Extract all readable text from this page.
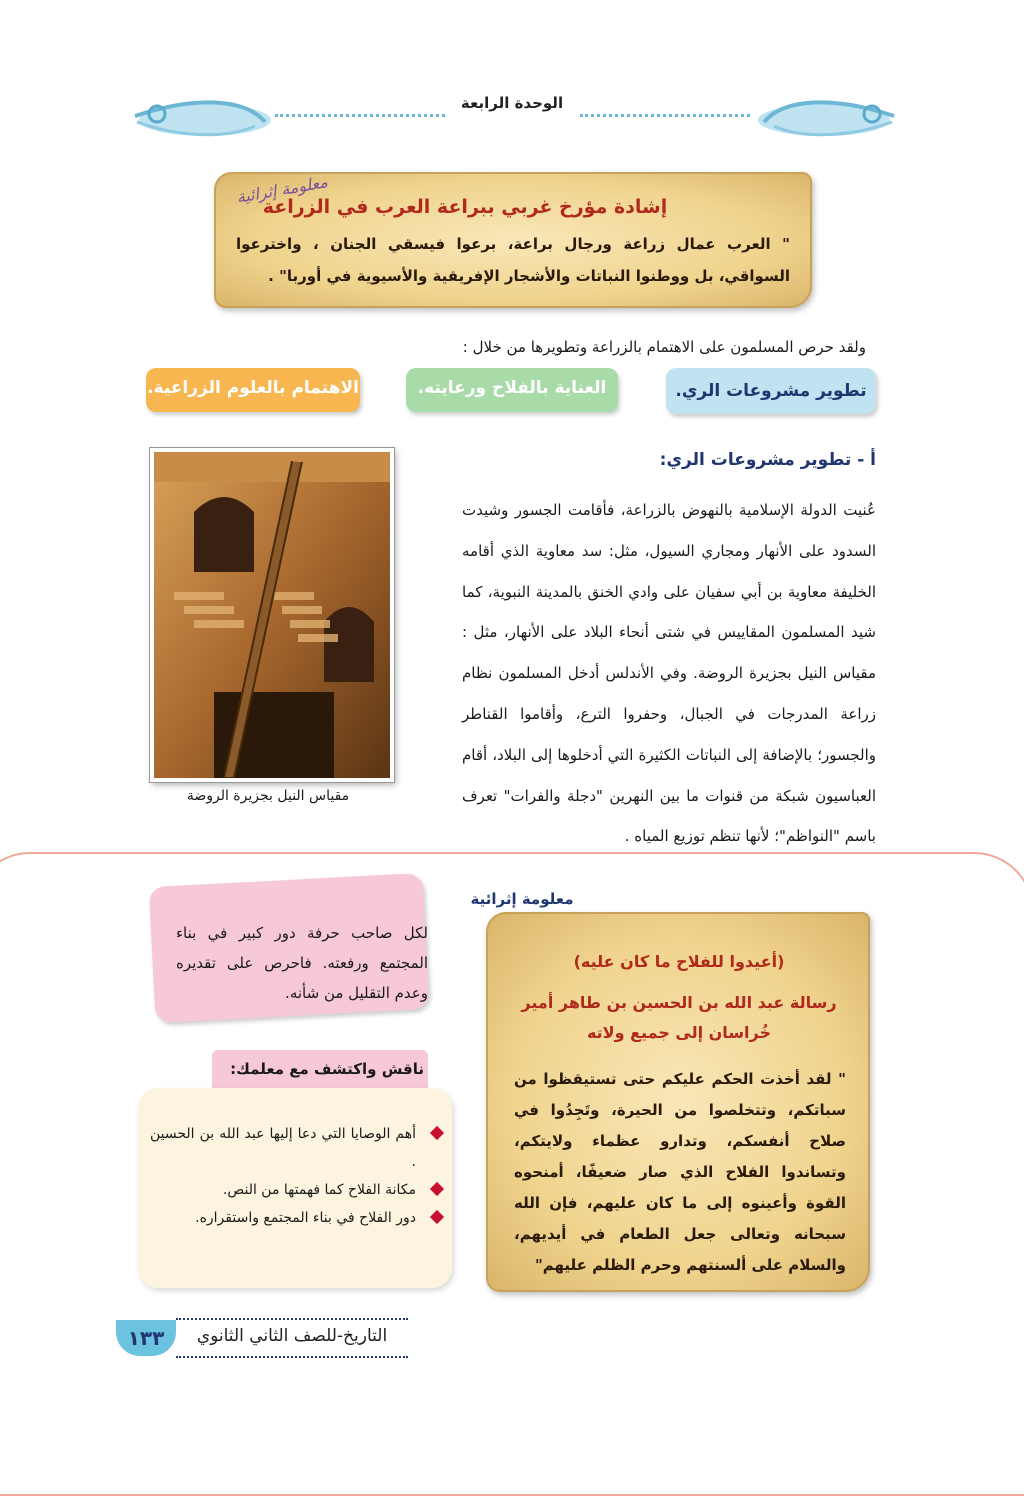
الوحدة الرابعة
معلومة إثرائية
إشادة مؤرخ غربي ببراعة العرب في الزراعة
" العرب عمال زراعة ورجال براعة، برعوا فيسقي الجنان ، واخترعوا السواقي، بل ووطنوا النباتات والأشجار الإفريقية والأسيوية في أوربا" .
ولقد حرص المسلمون على الاهتمام بالزراعة وتطويرها من خلال :
تطوير مشروعات الري.
العناية بالفلاح ورعايته.
الاهتمام بالعلوم الزراعية.
أ - تطوير مشروعات الري:
عُنيت الدولة الإسلامية بالنهوض بالزراعة، فأقامت الجسور وشيدت السدود على الأنهار ومجاري السيول، مثل: سد معاوية الذي أقامه الخليفة معاوية بن أبي سفيان على وادي الخنق بالمدينة النبوية، كما شيد المسلمون المقاييس في شتى أنحاء البلاد على الأنهار، مثل : مقياس النيل بجزيرة الروضة. وفي الأندلس أدخل المسلمون نظام زراعة المدرجات في الجبال، وحفروا الترع، وأقاموا القناطر والجسور؛ بالإضافة إلى النباتات الكثيرة التي أدخلوها إلى البلاد، أقام العباسيون شبكة من قنوات ما بين النهرين "دجلة والفرات" تعرف باسم "النواظم"؛ لأنها تنظم توزيع المياه .
مقياس النيل بجزيرة الروضة
معلومة إثرائية
(أعيدوا للفلاح ما كان عليه)
رسالة عبد الله بن الحسين بن طاهر أمير خُراسان إلى جميع ولاته
" لقد أخذت الحكم عليكم حتى تستيقظوا من سباتكم، وتتخلصوا من الحيرة، وتَجِدُوا في صلاح أنفسكم، وتدارو عظماء ولايتكم، وتساندوا الفلاح الذي صار ضعيفًا، أمنحوه القوة وأعينوه إلى ما كان عليهم، فإن الله سبحانه وتعالى جعل الطعام في أيديهم، والسلام على ألسنتهم وحرم الظلم عليهم"
لكل صاحب حرفة دور كبير في بناء المجتمع ورفعته. فاحرص على تقديره وعدم التقليل من شأنه.
ناقش واكتشف مع معلمك:
أهم الوصايا التي دعا إليها عبد الله بن الحسين .
مكانة الفلاح كما فهمتها من النص.
دور الفلاح في بناء المجتمع واستقراره.
١٣٣	التاريخ-للصف الثاني الثانوي
